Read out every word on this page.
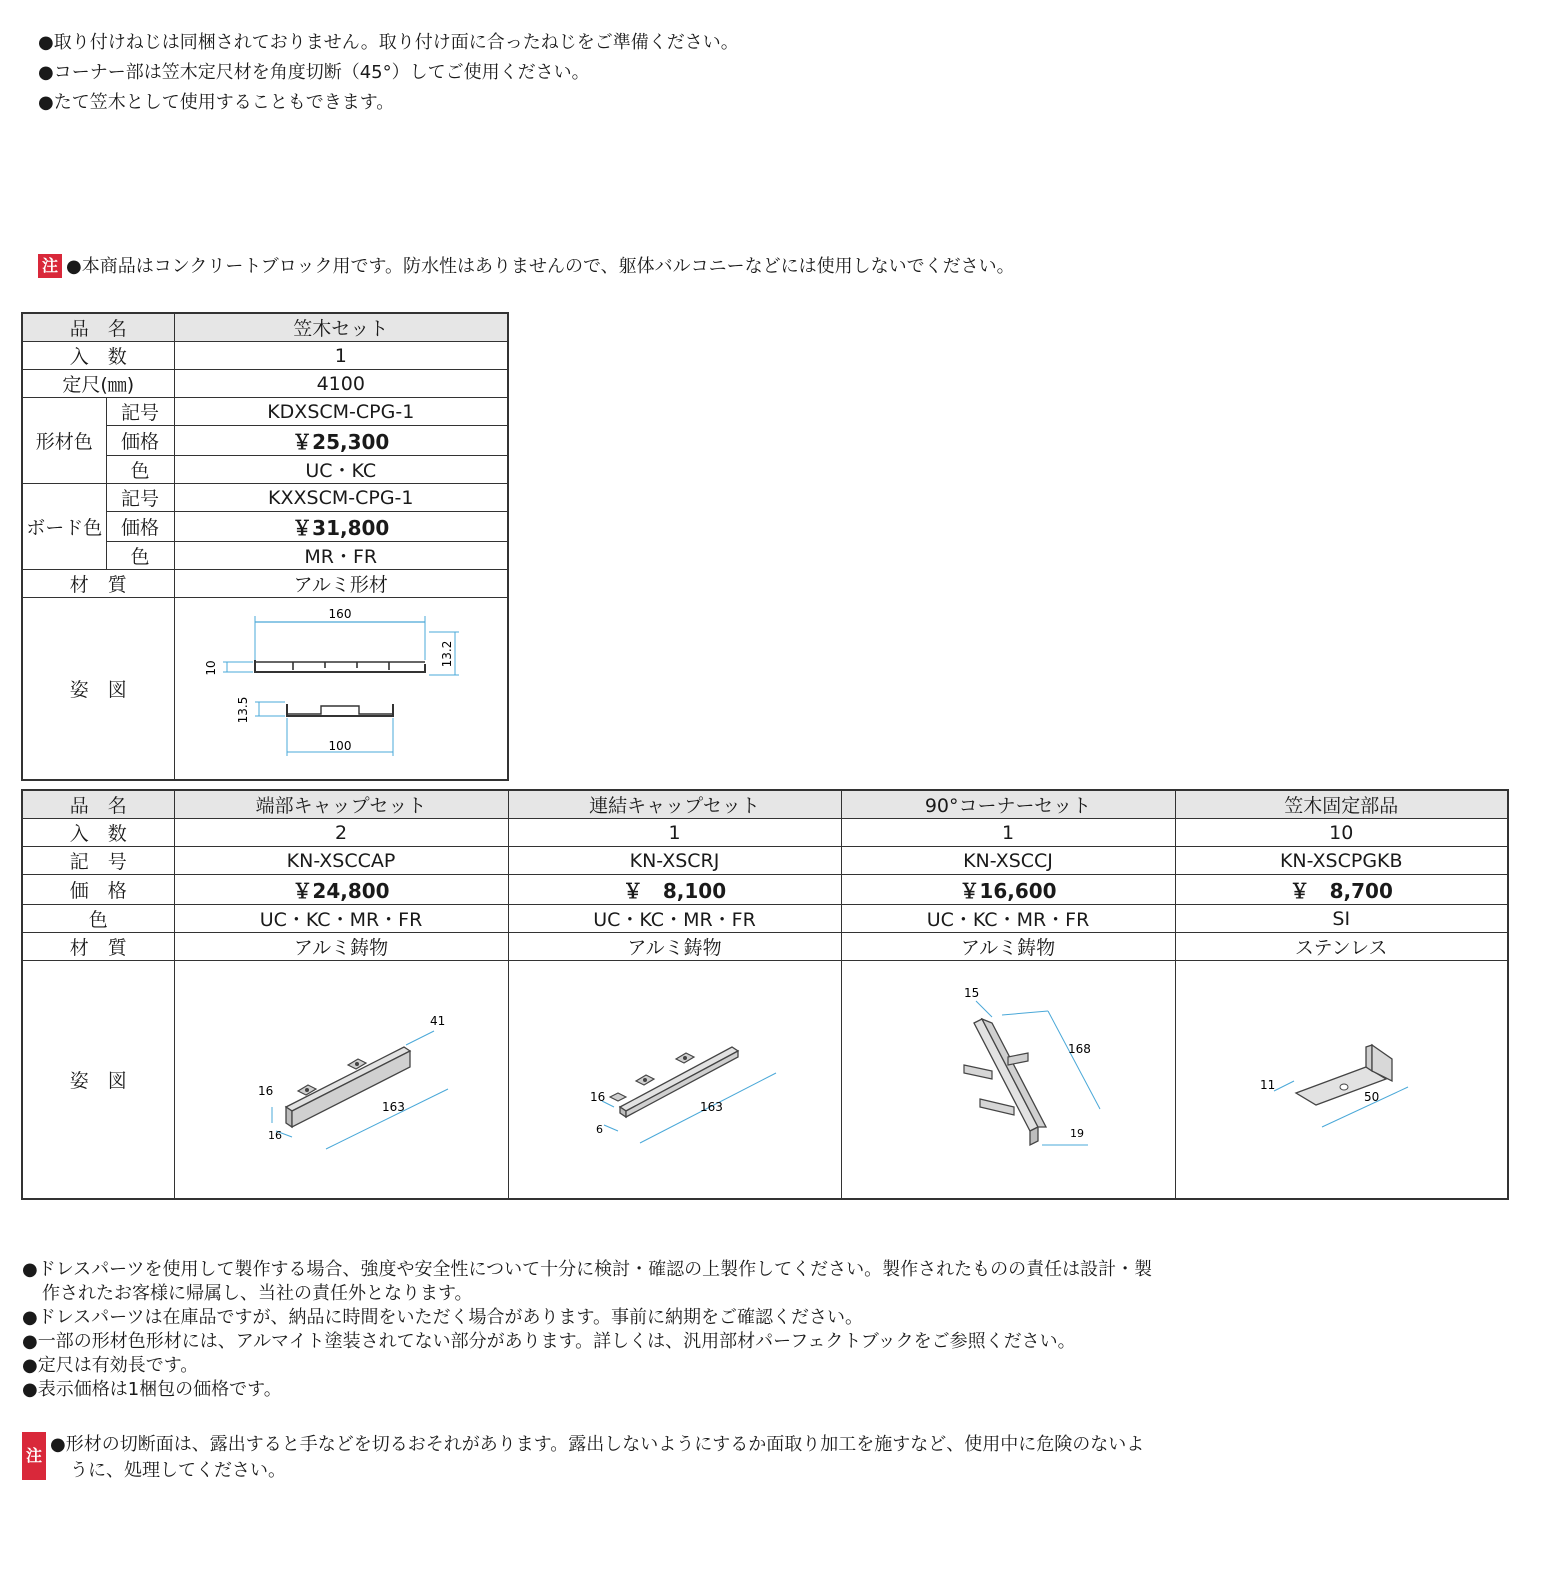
●取り付けねじは同梱されておりません。取り付け面に合ったねじをご準備ください。
●コーナー部は笠木定尺材を角度切断（45°）してご使用ください。
●たて笠木として使用することもできます。
注 ●本商品はコンクリートブロック用です。防水性はありませんので、躯体バルコニーなどには使用しないでください。
品　名		笠木セット
入　数		1
定尺(㎜)		4100
形材色	記号	KDXSCM-CPG-1
	価格	￥25,300
	色	UC・KC
ボード色	記号	KXXSCM-CPG-1
	価格	￥31,800
	色	MR・FR
材　質		アルミ形材
姿　図		160
13.2
10
13.5
100
品　名	端部キャップセット	連結キャップセット	90°コーナーセット	笠木固定部品
入　数	2	1	1	10
記　号	KN-XSCCAP	KN-XSCRJ	KN-XSCCJ	KN-XSCPGKB
価　格	￥24,800	￥　8,100	￥16,600	￥　8,700
色	UC・KC・MR・FR	UC・KC・MR・FR	UC・KC・MR・FR	SI
材　質	アルミ鋳物	アルミ鋳物	アルミ鋳物	ステンレス
姿　図	41
16
163
16	16
163
6	15
168
19	11
50
●ドレスパーツを使用して製作する場合、強度や安全性について十分に検討・確認の上製作してください。製作されたものの責任は設計・製
作されたお客様に帰属し、当社の責任外となります。
●ドレスパーツは在庫品ですが、納品に時間をいただく場合があります。事前に納期をご確認ください。
●一部の形材色形材には、アルマイト塗装されてない部分があります。詳しくは、汎用部材パーフェクトブックをご参照ください。
●定尺は有効長です。
●表示価格は1梱包の価格です。
注
●形材の切断面は、露出すると手などを切るおそれがあります。露出しないようにするか面取り加工を施すなど、使用中に危険のないよ
うに、処理してください。
